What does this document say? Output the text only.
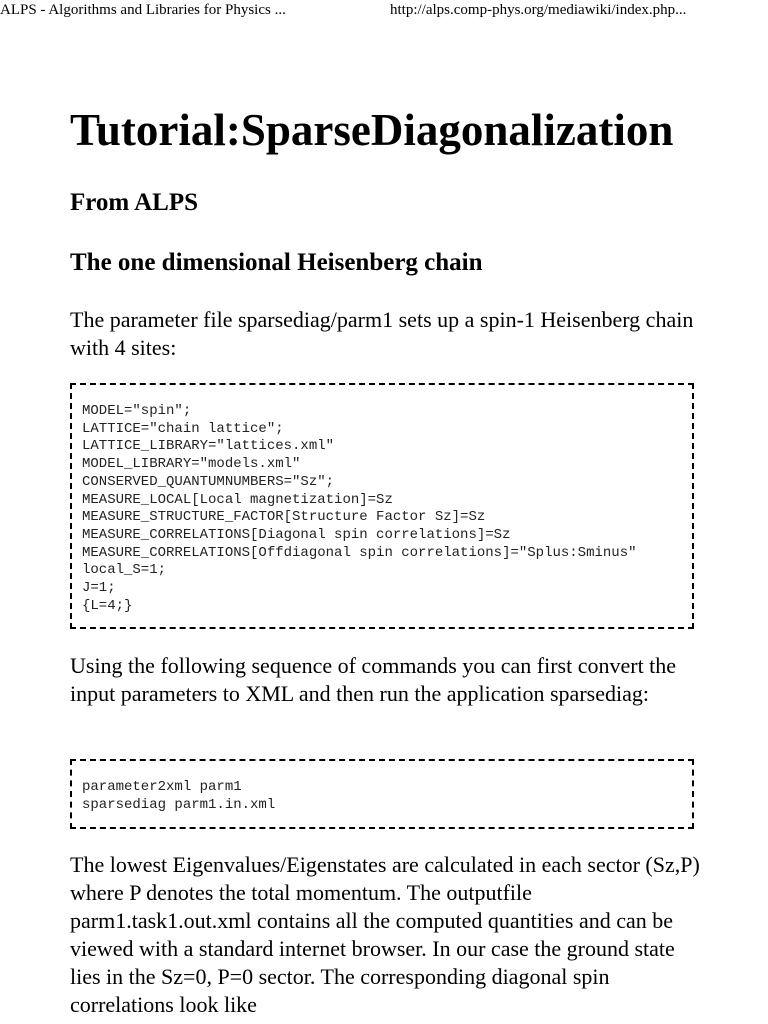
ALPS - Algorithms and Libraries for Physics ...	http://alps.comp-phys.org/mediawiki/index.php...
Tutorial:SparseDiagonalization
From ALPS
The one dimensional Heisenberg chain

The parameter file sparsediag/parm1 sets up a spin-1 Heisenberg chain with 4 sites:

MODEL="spin";
LATTICE="chain lattice";
LATTICE_LIBRARY="lattices.xml"
MODEL_LIBRARY="models.xml"
CONSERVED_QUANTUMNUMBERS="Sz";
MEASURE_LOCAL[Local magnetization]=Sz
MEASURE_STRUCTURE_FACTOR[Structure Factor Sz]=Sz
MEASURE_CORRELATIONS[Diagonal spin correlations]=Sz
MEASURE_CORRELATIONS[Offdiagonal spin correlations]="Splus:Sminus"
local_S=1;
J=1;
{L=4;}

Using the following sequence of commands you can first convert the input parameters to XML and then run the application sparsediag:

parameter2xml parm1
sparsediag parm1.in.xml

The lowest Eigenvalues/Eigenstates are calculated in each sector (Sz,P) where P denotes the total momentum. The outputfile parm1.task1.out.xml contains all the computed quantities and can be viewed with a standard internet browser. In our case the ground state lies in the Sz=0, P=0 sector. The corresponding diagonal spin correlations look like
